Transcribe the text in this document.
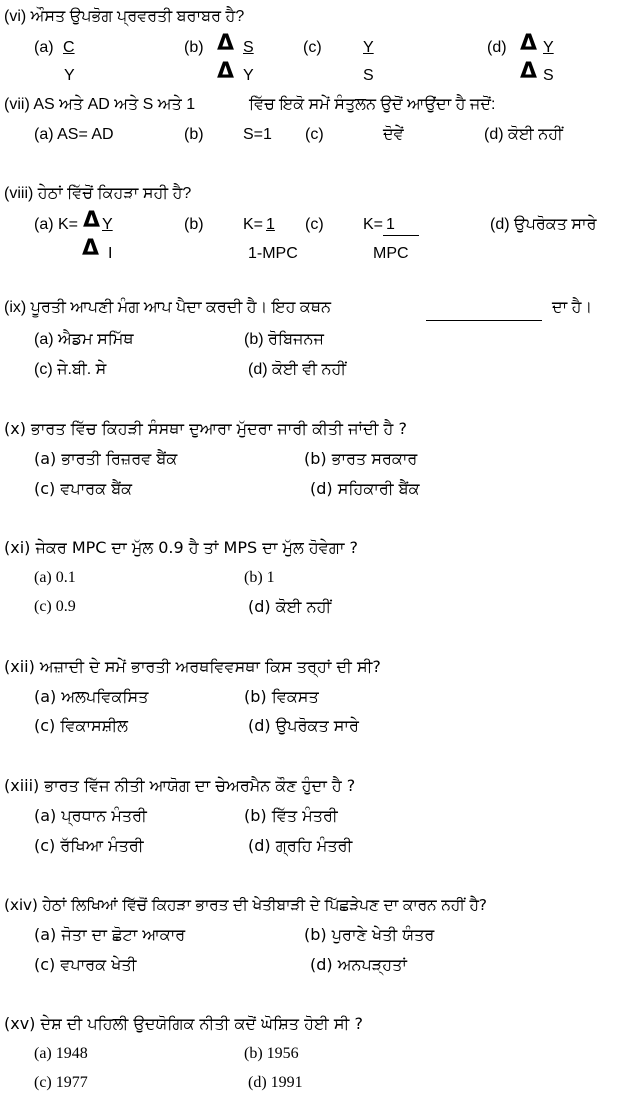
(vi) ਔਸਤ ਉਪਭੋਗ ਪ੍ਰਵਰਤੀ ਬਰਾਬਰ ਹੈ?
(a) C
Y
(b) Δ S
Δ Y
(c)	Y
S
(d) Δ Y
Δ S
(vii) AS ਅਤੇ AD ਅਤੇ S ਅਤੇ 1	ਵਿੱਚ ਇਕੋ ਸਮੇਂ ਸੰਤੁਲਨ ਉਦੋਂ ਆਉਂਦਾ ਹੈ ਜਦੋਂ:
(a) AS= AD	(b) S=1 (c)	ਦੋਵੇਂ	(d) ਕੋਈ ਨਹੀਂ
(viii) ਹੇਠਾਂ ਵਿੱਚੋਂ ਕਿਹੜਾ ਸਹੀ ਹੈ?
(a) K= Δ Y
Δ I
(b) K= 1
1-MPC
(c) K= 1
MPC
(d) ਉਪਰੋਕਤ ਸਾਰੇ
(ix) ਪੂਰਤੀ ਆਪਣੀ ਮੰਗ ਆਪ ਪੈਦਾ ਕਰਦੀ ਹੈ। ਇਹ ਕਥਨ	ਦਾ ਹੈ।
(a) ਐਡਮ ਸਮਿੱਥ	(b) ਰੋਬਿਜਨਜ
(c) ਜੇ.ਬੀ. ਸੇ	(d) ਕੋਈ ਵੀ ਨਹੀਂ
(x) ਭਾਰਤ ਵਿੱਚ ਕਿਹੜੀ ਸੰਸਥਾ ਦੁਆਰਾ ਮੁੱਦਰਾ ਜਾਰੀ ਕੀਤੀ ਜਾਂਦੀ ਹੈ ?
(a) ਭਾਰਤੀ ਰਿਜ਼ਰਵ ਬੈਂਕ	(b) ਭਾਰਤ ਸਰਕਾਰ
(c) ਵਪਾਰਕ ਬੈਂਕ	(d) ਸਹਿਕਾਰੀ ਬੈਂਕ
(xi) ਜੇਕਰ MPC ਦਾ ਮੁੱਲ 0.9 ਹੈ ਤਾਂ MPS ਦਾ ਮੁੱਲ ਹੋਵੇਗਾ ?
(a) 0.1	(b) 1
(c) 0.9	(d) ਕੋਈ ਨਹੀਂ
(xii) ਅਜ਼ਾਦੀ ਦੇ ਸਮੇਂ ਭਾਰਤੀ ਅਰਥਵਿਵਸਥਾ ਕਿਸ ਤਰ੍ਹਾਂ ਦੀ ਸੀ?
(a) ਅਲਪਵਿਕਸਿਤ	(b) ਵਿਕਸਤ
(c) ਵਿਕਾਸਸ਼ੀਲ	(d) ਉਪਰੋਕਤ ਸਾਰੇ
(xiii) ਭਾਰਤ ਵਿੱਜ ਨੀਤੀ ਆਯੋਗ ਦਾ ਚੇਅਰਮੈਨ ਕੌਣ ਹੁੰਦਾ ਹੈ ?
(a) ਪ੍ਰਧਾਨ ਮੰਤਰੀ	(b) ਵਿੱਤ ਮੰਤਰੀ
(c) ਰੱਖਿਆ ਮੰਤਰੀ	(d) ਗ੍ਰਹਿ ਮੰਤਰੀ
(xiv) ਹੇਠਾਂ ਲਿਖਿਆਂ ਵਿੱਚੋਂ ਕਿਹੜਾ ਭਾਰਤ ਦੀ ਖੇਤੀਬਾੜੀ ਦੇ ਪਿੱਛੜੇਪਣ ਦਾ ਕਾਰਨ ਨਹੀਂ ਹੈ?
(a) ਜੋਤਾ ਦਾ ਛੋਟਾ ਆਕਾਰ	(b) ਪੁਰਾਣੇ ਖੇਤੀ ਯੰਤਰ
(c) ਵਪਾਰਕ ਖੇਤੀ	(d) ਅਨਪੜ੍ਹਤਾਂ
(xv) ਦੇਸ਼ ਦੀ ਪਹਿਲੀ ਉਦਯੋਗਿਕ ਨੀਤੀ ਕਦੋਂ ਘੋਸ਼ਿਤ ਹੋਈ ਸੀ ?
(a) 1948	(b) 1956
(c) 1977	(d) 1991
